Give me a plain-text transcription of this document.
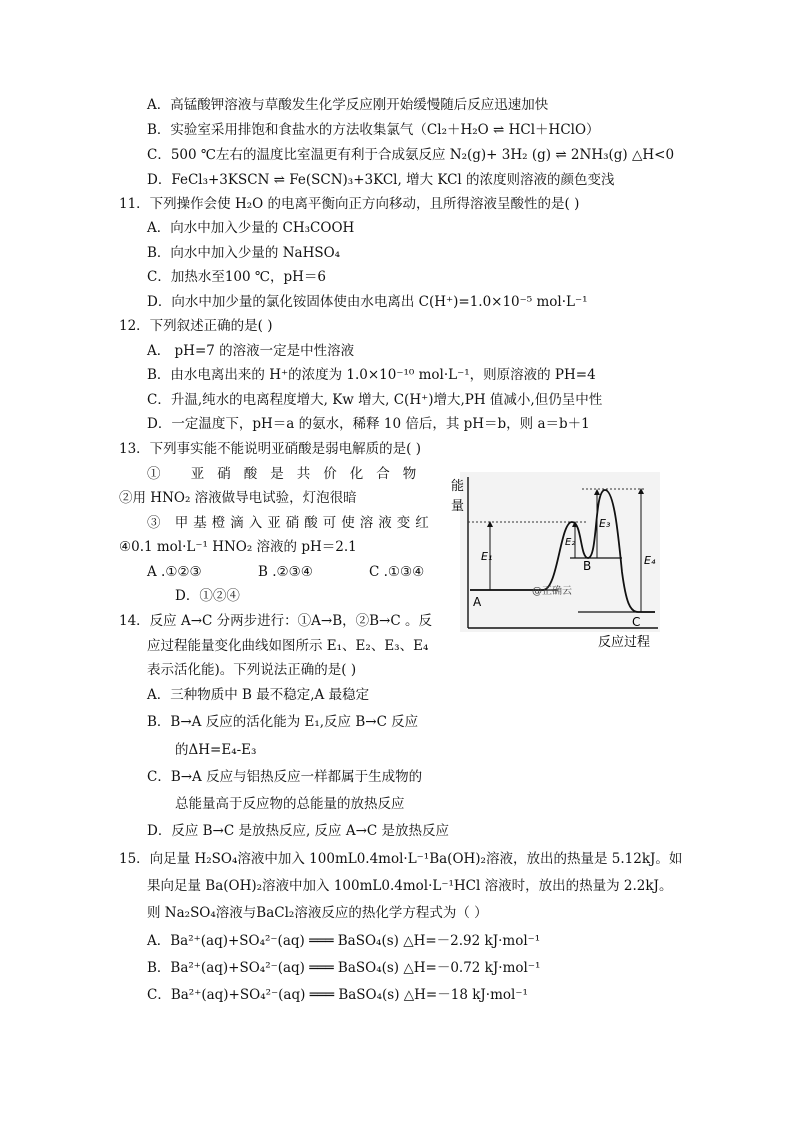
A．高锰酸钾溶液与草酸发生化学反应刚开始缓慢随后反应迅速加快
B．实验室采用排饱和食盐水的方法收集氯气（Cl₂＋H₂O ⇌ HCl＋HClO）
C．500 ℃左右的温度比室温更有利于合成氨反应 N₂(g)+ 3H₂ (g) ⇌ 2NH₃(g) △H<0
D．FeCl₃+3KSCN ⇌ Fe(SCN)₃+3KCl, 增大 KCl 的浓度则溶液的颜色变浅
11．下列操作会使 H₂O 的电离平衡向正方向移动，且所得溶液呈酸性的是( )
A．向水中加入少量的 CH₃COOH
B．向水中加入少量的 NaHSO₄
C．加热水至100 ℃，pH＝6
D．向水中加少量的氯化铵固体使由水电离出 C(H⁺)=1.0×10⁻⁵ mol·L⁻¹
12．下列叙述正确的是( )
A． pH=7 的溶液一定是中性溶液
B．由水电离出来的 H⁺的浓度为 1.0×10⁻¹⁰ mol·L⁻¹，则原溶液的 PH=4
C．升温,纯水的电离程度增大, Kw 增大, C(H⁺)增大,PH 值减小,但仍呈中性
D．一定温度下，pH＝a 的氨水，稀释 10 倍后，其 pH＝b，则 a＝b＋1
13．下列事实能不能说明亚硝酸是弱电解质的是( )
① 亚硝酸是共价化合物
②用 HNO₂ 溶液做导电试验，灯泡很暗
③ 甲基橙滴入亚硝酸可使溶液变红
④0.1 mol·L⁻¹ HNO₂ 溶液的 pH＝2.1
A .①②③	B .②③④	C .①③④
D．①②④
14．反应 A→C 分两步进行：①A→B，②B→C 。反
应过程能量变化曲线如图所示 E₁、E₂、E₃、E₄
表示活化能)。下列说法正确的是( )
A．三种物质中 B 最不稳定,A 最稳定
B．B→A 反应的活化能为 E₁,反应 B→C 反应
的ΔH=E₄-E₃
C．B→A 反应与铝热反应一样都属于生成物的
总能量高于反应物的总能量的放热反应
D．反应 B→C 是放热反应, 反应 A→C 是放热反应
15．向足量 H₂SO₄溶液中加入 100mL0.4mol·L⁻¹Ba(OH)₂溶液，放出的热量是 5.12kJ。如
果向足量 Ba(OH)₂溶液中加入 100mL0.4mol·L⁻¹HCl 溶液时，放出的热量为 2.2kJ。
则 Na₂SO₄溶液与BaCl₂溶液反应的热化学方程式为（ ）
A．Ba²⁺(aq)+SO₄²⁻(aq) ═══ BaSO₄(s) △H=－2.92 kJ·mol⁻¹
B．Ba²⁺(aq)+SO₄²⁻(aq) ═══ BaSO₄(s) △H=－0.72 kJ·mol⁻¹
C．Ba²⁺(aq)+SO₄²⁻(aq) ═══ BaSO₄(s) △H=－18 kJ·mol⁻¹
能
量
反应过程
A
B
C
E₁
E₂
E₃
E₄
@正确云
